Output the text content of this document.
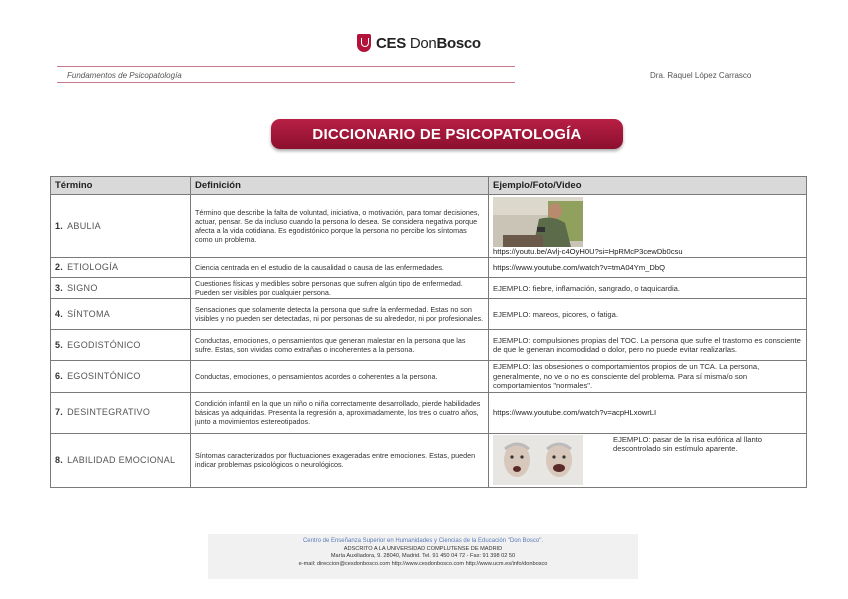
CES DonBosco
Fundamentos de Psicopatología	Dra. Raquel López Carrasco
DICCIONARIO DE PSICOPATOLOGÍA
Término	Definición	Ejemplo/Foto/Video
1. ABULIA	Término que describe la falta de voluntad, iniciativa, o motivación, para tomar decisiones, actuar, pensar. Se da incluso cuando la persona lo desea. Se considera negativa porque afecta a la vida cotidiana. Es egodistónico porque la persona no percibe los síntomas como un problema.	https://youtu.be/Avlj-c4OyH0U?si=HpRMcP3cewDb0csu
2. ETIOLOGÍA	Ciencia centrada en el estudio de la causalidad o causa de las enfermedades.	https://www.youtube.com/watch?v=tmA04Ym_DbQ
3. SIGNO	Cuestiones físicas y medibles sobre personas que sufren algún tipo de enfermedad. Pueden ser visibles por cualquier persona.	EJEMPLO: fiebre, inflamación, sangrado, o taquicardia.
4. SÍNTOMA	Sensaciones que solamente detecta la persona que sufre la enfermedad. Estas no son visibles y no pueden ser detectadas, ni por personas de su alrededor, ni por profesionales.	EJEMPLO: mareos, picores, o fatiga.
5. EGODISTÓNICO	Conductas, emociones, o pensamientos que generan malestar en la persona que las sufre. Estas, son vividas como extrañas o incoherentes a la persona.	EJEMPLO: compulsiones propias del TOC. La persona que sufre el trastorno es consciente de que le generan incomodidad o dolor, pero no puede evitar realizarlas.
6. EGOSINTÓNICO	Conductas, emociones, o pensamientos acordes o coherentes a la persona.	EJEMPLO: las obsesiones o comportamientos propios de un TCA. La persona, generalmente, no ve o no es consciente del problema. Para sí misma/o son comportamientos "normales".
7. DESINTEGRATIVO	Condición infantil en la que un niño o niña correctamente desarrollado, pierde habilidades básicas ya adquiridas. Presenta la regresión a, aproximadamente, los tres o cuatro años, junto a movimientos estereotipados.	https://www.youtube.com/watch?v=acpHLxowrLI
8. LABILIDAD EMOCIONAL	Síntomas caracterizados por fluctuaciones exageradas entre emociones. Estas, pueden indicar problemas psicológicos o neurológicos.	EJEMPLO: pasar de la risa eufórica al llanto descontrolado sin estímulo aparente.
Centro de Enseñanza Superior en Humanidades y Ciencias de la Educación "Don Bosco".
ADSCRITO A LA UNIVERSIDAD COMPLUTENSE DE MADRID
María Auxiliadora, 9. 28040, Madrid. Tel. 91 450 04 72 - Fax: 91 398 02 50
e-mail: direccion@cesdonbosco.com http://www.cesdonbosco.com http://www.ucm.es/info/donbosco
